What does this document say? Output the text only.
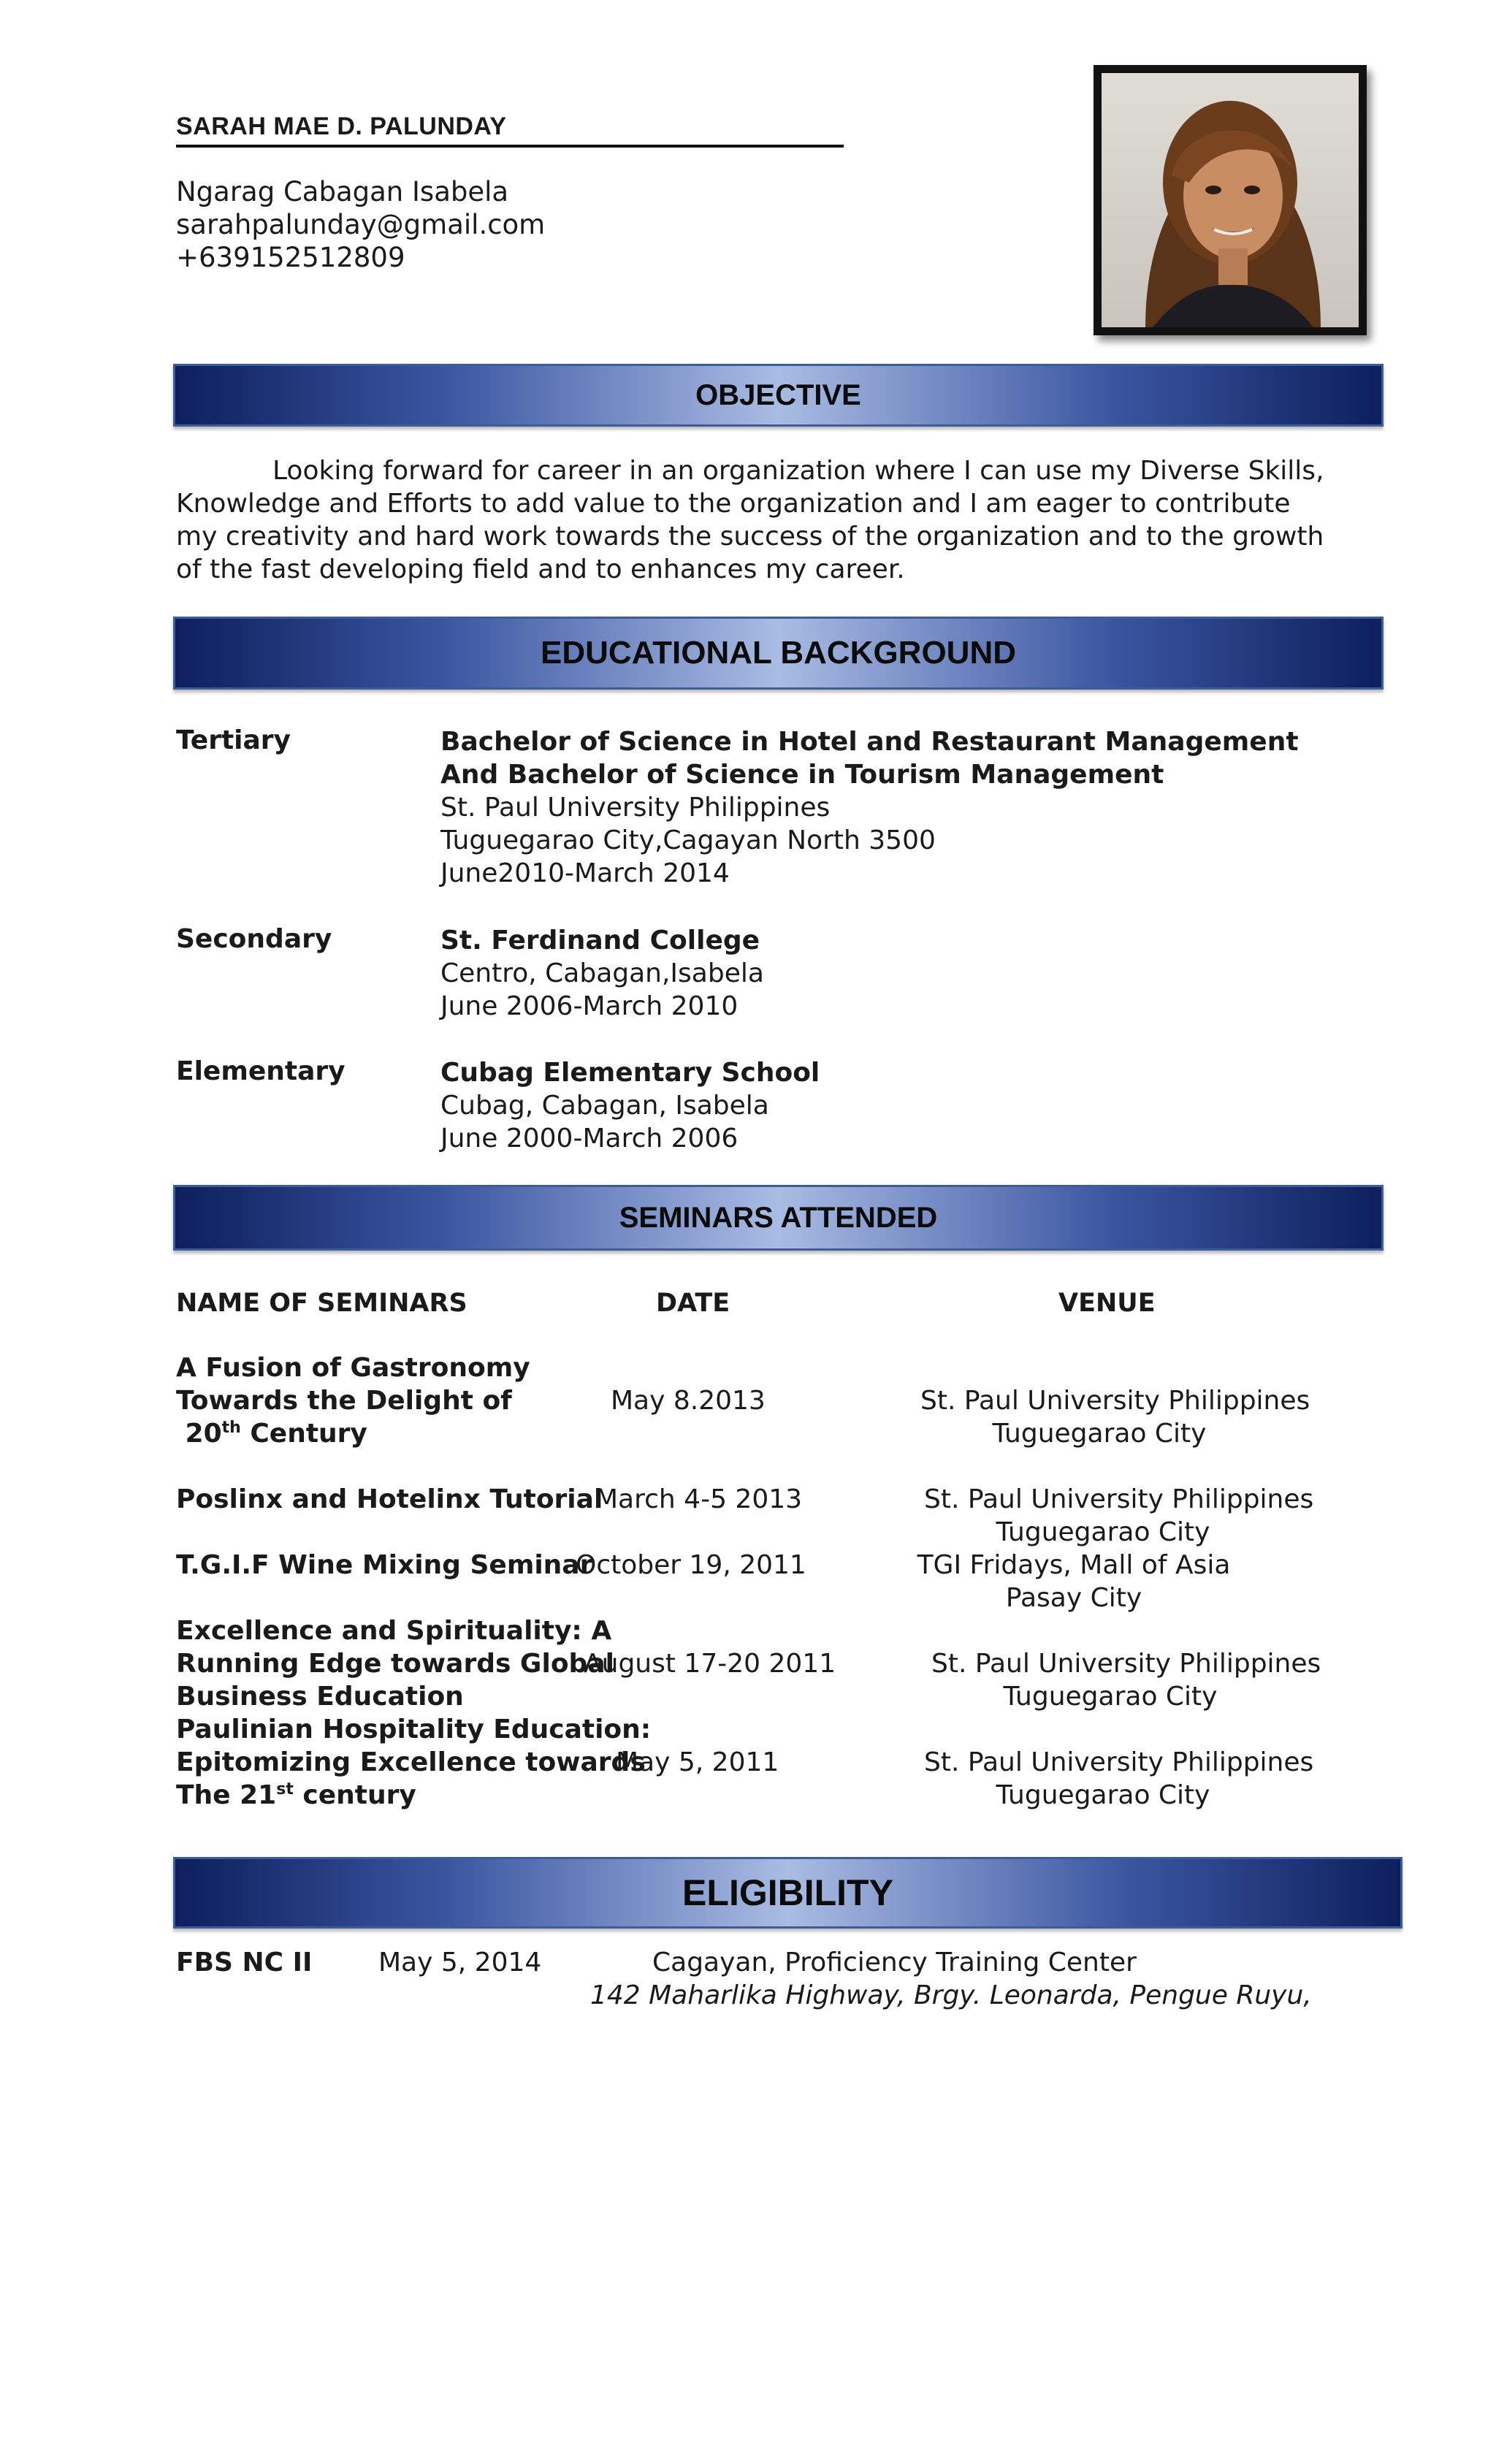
SARAH MAE D. PALUNDAY
Ngarag Cabagan Isabela
sarahpalunday@gmail.com
+639152512809
OBJECTIVE
Looking forward for career in an organization where I can use my Diverse Skills,
Knowledge and Efforts to add value to the organization and I am eager to contribute
my creativity and hard work towards the success of the organization and to the growth
of the fast developing field and to enhances my career.
EDUCATIONAL BACKGROUND
Tertiary	Bachelor of Science in Hotel and Restaurant Management
And Bachelor of Science in Tourism Management
St. Paul University Philippines
Tuguegarao City,Cagayan North 3500
June2010-March 2014
Secondary	St. Ferdinand College
Centro, Cabagan,Isabela
June 2006-March 2010
Elementary	Cubag Elementary School
Cubag, Cabagan, Isabela
June 2000-March 2006
SEMINARS ATTENDED
NAME OF SEMINARS	DATE	VENUE
A Fusion of Gastronomy
Towards the Delight of
20th Century
May 8.2013	St. Paul University Philippines
Tuguegarao City
Poslinx and Hotelinx Tutorial
March 4-5 2013	St. Paul University Philippines
Tuguegarao City
T.G.I.F Wine Mixing Seminar
October 19, 2011	TGI Fridays, Mall of Asia
Pasay City
Excellence and Spirituality: A
Running Edge towards Global
Business Education
August 17-20 2011	St. Paul University Philippines
Tuguegarao City
Paulinian Hospitality Education:
Epitomizing Excellence towards
The 21st century
May 5, 2011	St. Paul University Philippines
Tuguegarao City
ELIGIBILITY
FBS NC II	May 5, 2014	Cagayan, Proficiency Training Center
142 Maharlika Highway, Brgy. Leonarda, Pengue Ruyu,
